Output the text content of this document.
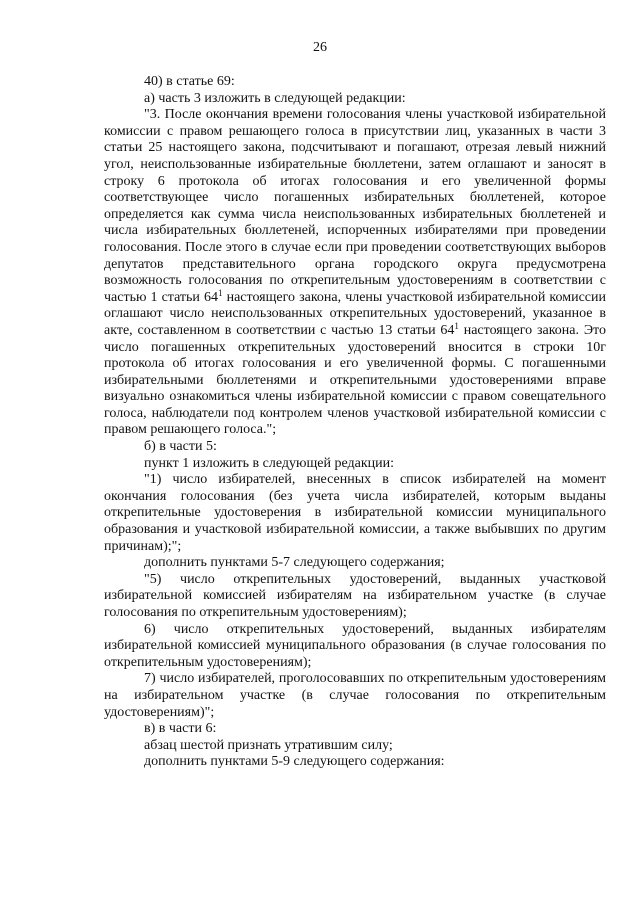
26

40) в статье 69:

а) часть 3 изложить в следующей редакции:

"3. После окончания времени голосования члены участковой избирательной комиссии с правом решающего голоса в присутствии лиц, указанных в части 3 статьи 25 настоящего закона, подсчитывают и погашают, отрезая левый нижний угол, неиспользованные избирательные бюллетени, затем оглашают и заносят в строку 6 протокола об итогах голосования и его увеличенной формы соответствующее число погашенных избирательных бюллетеней, которое определяется как сумма числа неиспользованных избирательных бюллетеней и числа избирательных бюллетеней, испорченных избирателями при проведении голосования. После этого в случае если при проведении соответствующих выборов депутатов представительного органа городского округа предусмотрена возможность голосования по открепительным удостоверениям в соответствии с частью 1 статьи $64^1$ настоящего закона, члены участковой избирательной комиссии оглашают число неиспользованных открепительных удостоверений, указанное в акте, составленном в соответствии с частью 13 статьи $64^1$ настоящего закона. Это число погашенных открепительных удостоверений вносится в строки 10г протокола об итогах голосования и его увеличенной формы. С погашенными избирательными бюллетенями и открепительными удостоверениями вправе визуально ознакомиться члены избирательной комиссии с правом совещательного голоса, наблюдатели под контролем членов участковой избирательной комиссии с правом решающего голоса.";

б) в части 5:

пункт 1 изложить в следующей редакции:

"1) число избирателей, внесенных в список избирателей на момент окончания голосования (без учета числа избирателей, которым выданы открепительные удостоверения в избирательной комиссии муниципального образования и участковой избирательной комиссии, а также выбывших по другим причинам);";

дополнить пунктами 5-7 следующего содержания;

"5) число открепительных удостоверений, выданных участковой избирательной комиссией избирателям на избирательном участке (в случае голосования по открепительным удостоверениям);

6) число открепительных удостоверений, выданных избирателям избирательной комиссией муниципального образования (в случае голосования по открепительным удостоверениям);

7) число избирателей, проголосовавших по открепительным удостоверениям на избирательном участке (в случае голосования по открепительным удостоверениям)";

в) в части 6:

абзац шестой признать утратившим силу;

дополнить пунктами 5-9 следующего содержания:
